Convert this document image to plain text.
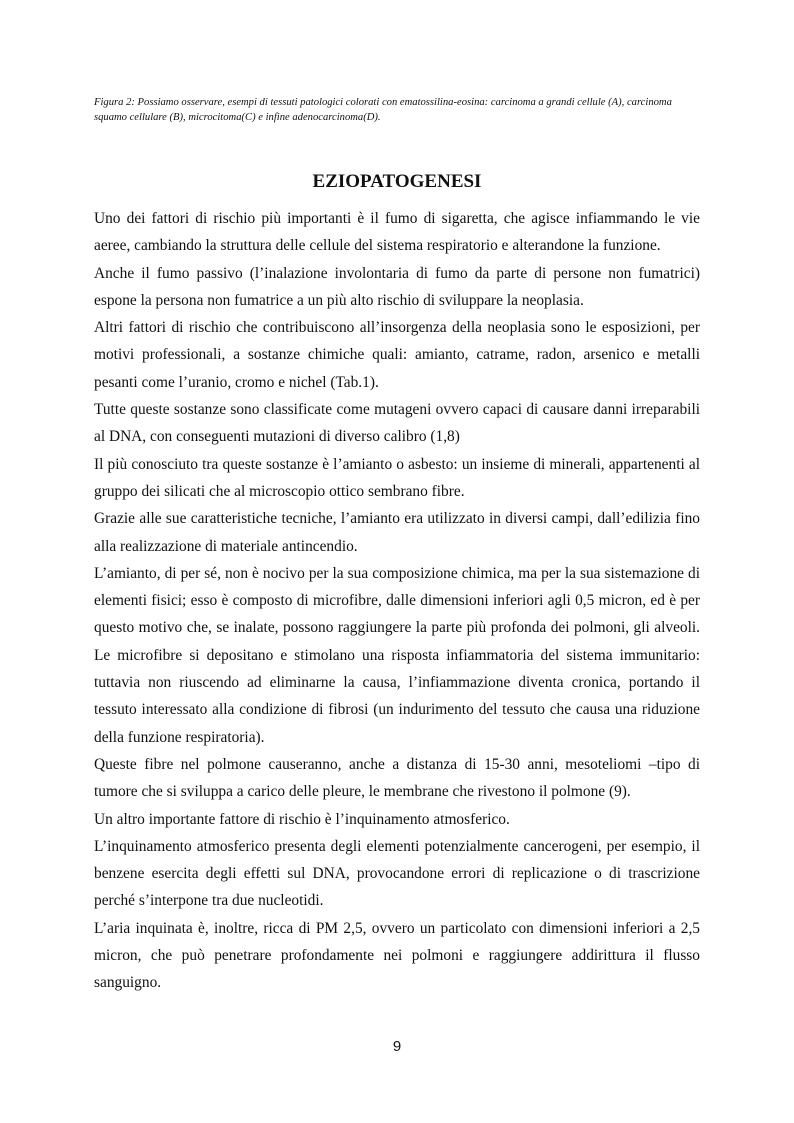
Figura 2: Possiamo osservare, esempi di tessuti patologici colorati con ematossilina-eosina: carcinoma a grandi cellule (A), carcinoma squamo cellulare (B), microcitoma(C) e infine adenocarcinoma(D).
EZIOPATOGENESI

Uno dei fattori di rischio più importanti è il fumo di sigaretta, che agisce infiammando le vie aeree, cambiando la struttura delle cellule del sistema respiratorio e alterandone la funzione.

Anche il fumo passivo (l’inalazione involontaria di fumo da parte di persone non fumatrici) espone la persona non fumatrice a un più alto rischio di sviluppare la neoplasia.

Altri fattori di rischio che contribuiscono all’insorgenza della neoplasia sono le esposizioni, per motivi professionali, a sostanze chimiche quali: amianto, catrame, radon, arsenico e metalli pesanti come l’uranio, cromo e nichel (Tab.1).

Tutte queste sostanze sono classificate come mutageni ovvero capaci di causare danni irreparabili al DNA, con conseguenti mutazioni di diverso calibro (1,8)

Il più conosciuto tra queste sostanze è l’amianto o asbesto: un insieme di minerali, appartenenti al gruppo dei silicati che al microscopio ottico sembrano fibre.

Grazie alle sue caratteristiche tecniche, l’amianto era utilizzato in diversi campi, dall’edilizia fino alla realizzazione di materiale antincendio.

L’amianto, di per sé, non è nocivo per la sua composizione chimica, ma per la sua sistemazione di elementi fisici; esso è composto di microfibre, dalle dimensioni inferiori agli 0,5 micron, ed è per questo motivo che, se inalate, possono raggiungere la parte più profonda dei polmoni, gli alveoli. Le microfibre si depositano e stimolano una risposta infiammatoria del sistema immunitario: tuttavia non riuscendo ad eliminarne la causa, l’infiammazione diventa cronica, portando il tessuto interessato alla condizione di fibrosi (un indurimento del tessuto che causa una riduzione della funzione respiratoria).

Queste fibre nel polmone causeranno, anche a distanza di 15-30 anni, mesoteliomi –tipo di tumore che si sviluppa a carico delle pleure, le membrane che rivestono il polmone (9).

Un altro importante fattore di rischio è l’inquinamento atmosferico.

L’inquinamento atmosferico presenta degli elementi potenzialmente cancerogeni, per esempio, il benzene esercita degli effetti sul DNA, provocandone errori di replicazione o di trascrizione perché s’interpone tra due nucleotidi.

L’aria inquinata è, inoltre, ricca di PM 2,5, ovvero un particolato con dimensioni inferiori a 2,5 micron, che può penetrare profondamente nei polmoni e raggiungere addirittura il flusso sanguigno.

9
